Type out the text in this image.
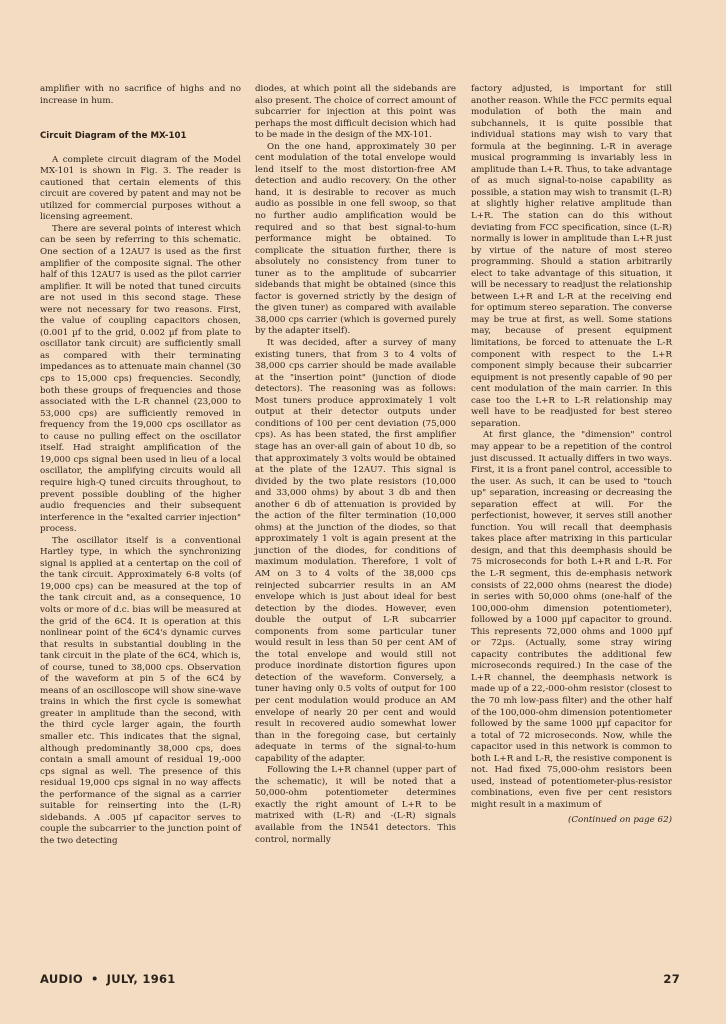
amplifier with no sacrifice of highs and no increase in hum.

Circuit Diagram of the MX-101

A complete circuit diagram of the Model MX-101 is shown in Fig. 3. The reader is cautioned that certain elements of this circuit are covered by patent and may not be utilized for commercial purposes without a licensing agreement.

There are several points of interest which can be seen by referring to this schematic. One section of a 12AU7 is used as the first amplifier of the composite signal. The other half of this 12AU7 is used as the pilot carrier amplifier. It will be noted that tuned circuits are not used in this second stage. These were not necessary for two reasons. First, the value of coupling capacitors chosen, (0.001 µf to the grid, 0.002 µf from plate to oscillator tank circuit) are sufficiently small as compared with their terminating impedances as to attenuate main channel (30 cps to 15,000 cps) frequencies. Secondly, both these groups of frequencies and those associated with the L-R channel (23,000 to 53,000 cps) are sufficiently removed in frequency from the 19,000 cps oscillator as to cause no pulling effect on the oscillator itself. Had straight amplification of the 19,000 cps signal been used in lieu of a local oscillator, the amplifying circuits would all require high-Q tuned circuits throughout, to prevent possible doubling of the higher audio frequencies and their subsequent interference in the "exalted carrier injection" process.

The oscillator itself is a conventional Hartley type, in which the synchronizing signal is applied at a centertap on the coil of the tank circuit. Approximately 6-8 volts (of 19,000 cps) can be measured at the top of the tank circuit and, as a consequence, 10 volts or more of d.c. bias will be measured at the grid of the 6C4. It is operation at this nonlinear point of the 6C4's dynamic curves that results in substantial doubling in the tank circuit in the plate of the 6C4, which is, of course, tuned to 38,000 cps. Observation of the waveform at pin 5 of the 6C4 by means of an oscilloscope will show sine-wave trains in which the first cycle is somewhat greater in amplitude than the second, with the third cycle larger again, the fourth smaller etc. This indicates that the signal, although predominantly 38,000 cps, does contain a small amount of residual 19,-000 cps signal as well. The presence of this residual 19,000 cps signal in no way affects the performance of the signal as a carrier suitable for reinserting into the (L-R) sidebands. A .005 µf capacitor serves to couple the subcarrier to the junction point of the two detecting

diodes, at which point all the sidebands are also present. The choice of correct amount of subcarrier for injection at this point was perhaps the most difficult decision which had to be made in the design of the MX-101.

On the one hand, approximately 30 per cent modulation of the total envelope would lend itself to the most distortion-free AM detection and audio recovery. On the other hand, it is desirable to recover as much audio as possible in one fell swoop, so that no further audio amplification would be required and so that best signal-to-hum performance might be obtained. To complicate the situation further, there is absolutely no consistency from tuner to tuner as to the amplitude of subcarrier sidebands that might be obtained (since this factor is governed strictly by the design of the given tuner) as compared with available 38,000 cps carrier (which is governed purely by the adapter itself).

It was decided, after a survey of many existing tuners, that from 3 to 4 volts of 38,000 cps carrier should be made available at the "insertion point" (junction of diode detectors). The reasoning was as follows: Most tuners produce approximately 1 volt output at their detector outputs under conditions of 100 per cent deviation (75,000 cps). As has been stated, the first amplifier stage has an over-all gain of about 10 db, so that approximately 3 volts would be obtained at the plate of the 12AU7. This signal is divided by the two plate resistors (10,000 and 33,000 ohms) by about 3 db and then another 6 db of attenuation is provided by the action of the filter termination (10,000 ohms) at the junction of the diodes, so that approximately 1 volt is again present at the junction of the diodes, for conditions of maximum modulation. Therefore, 1 volt of AM on 3 to 4 volts of the 38,000 cps reinjected subcarrier results in an AM envelope which is just about ideal for best detection by the diodes. However, even double the output of L-R subcarrier components from some particular tuner would result in less than 50 per cent AM of the total envelope and would still not produce inordinate distortion figures upon detection of the waveform. Conversely, a tuner having only 0.5 volts of output for 100 per cent modulation would produce an AM envelope of nearly 20 per cent and would result in recovered audio somewhat lower than in the foregoing case, but certainly adequate in terms of the signal-to-hum capability of the adapter.

Following the L+R channel (upper part of the schematic), it will be noted that a 50,000-ohm potentiometer determines exactly the right amount of L+R to be matrixed with (L-R) and -(L-R) signals available from the 1N541 detectors. This control, normally

factory adjusted, is important for still another reason. While the FCC permits equal modulation of both the main and subchannels, it is quite possible that individual stations may wish to vary that formula at the beginning. L-R in average musical programming is invariably less in amplitude than L+R. Thus, to take advantage of as much signal-to-noise capability as possible, a station may wish to transmit (L-R) at slightly higher relative amplitude than L+R. The station can do this without deviating from FCC specification, since (L-R) normally is lower in amplitude than L+R just by virtue of the nature of most stereo programming. Should a station arbitrarily elect to take advantage of this situation, it will be necessary to readjust the relationship between L+R and L-R at the receiving end for optimum stereo separation. The converse may be true at first, as well. Some stations may, because of present equipment limitations, be forced to attenuate the L-R component with respect to the L+R component simply because their subcarrier equipment is not presently capable of 90 per cent modulation of the main carrier. In this case too the L+R to L-R relationship may well have to be readjusted for best stereo separation.

At first glance, the "dimension" control may appear to be a repetition of the control just discussed. It actually differs in two ways. First, it is a front panel control, accessible to the user. As such, it can be used to "touch up" separation, increasing or decreasing the separation effect at will. For the perfectionist, however, it serves still another function. You will recall that deemphasis takes place after matrixing in this particular design, and that this deemphasis should be 75 microseconds for both L+R and L-R. For the L-R segment, this de-emphasis network consists of 22,000 ohms (nearest the diode) in series with 50,000 ohms (one-half of the 100,000-ohm dimension potentiometer), followed by a 1000 µµf capacitor to ground. This represents 72,000 ohms and 1000 µµf or 72µs. (Actually, some stray wiring capacity contributes the additional few microseconds required.) In the case of the L+R channel, the deemphasis network is made up of a 22,-000-ohm resistor (closest to the 70 mh low-pass filter) and the other half of the 100,000-ohm dimension potentiometer followed by the same 1000 µµf capacitor for a total of 72 microseconds. Now, while the capacitor used in this network is common to both L+R and L-R, the resistive component is not. Had fixed 75,000-ohm resistors been used, instead of potentiometer-plus-resistor combinations, even five per cent resistors might result in a maximum of

(Continued on page 62)
AUDIO • JULY, 1961	27
